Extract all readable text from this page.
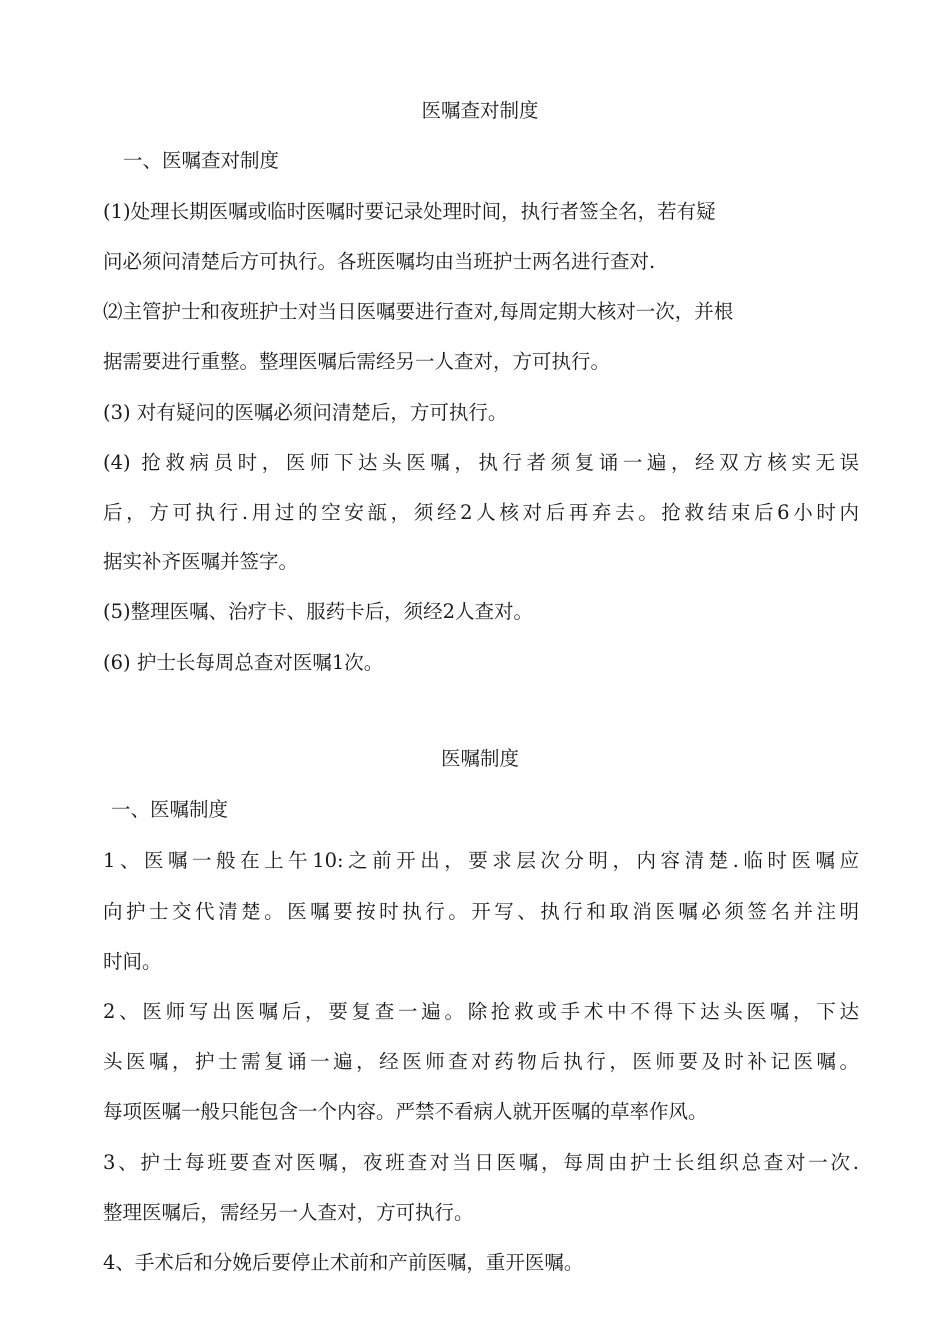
医嘱查对制度
一、医嘱查对制度
(1)处理长期医嘱或临时医嘱时要记录处理时间，执行者签全名，若有疑
问必须问清楚后方可执行。各班医嘱均由当班护士两名进行查对.
⑵主管护士和夜班护士对当日医嘱要进行查对,每周定期大核对一次，并根
据需要进行重整。整理医嘱后需经另一人查对，方可执行。
(3) 对有疑问的医嘱必须问清楚后，方可执行。
(4) 抢救病员时，医师下达头医嘱，执行者须复诵一遍，经双方核实无误
后，方可执行.用过的空安瓿，须经2人核对后再弃去。抢救结束后6小时内
据实补齐医嘱并签字。
(5)整理医嘱、治疗卡、服药卡后，须经2人查对。
(6) 护士长每周总查对医嘱1次。
医嘱制度
一、医嘱制度
1、医嘱一般在上午10:之前开出，要求层次分明，内容清楚.临时医嘱应
向护士交代清楚。医嘱要按时执行。开写、执行和取消医嘱必须签名并注明
时间。
2、医师写出医嘱后，要复查一遍。除抢救或手术中不得下达头医嘱，下达
头医嘱，护士需复诵一遍，经医师查对药物后执行，医师要及时补记医嘱。
每项医嘱一般只能包含一个内容。严禁不看病人就开医嘱的草率作风。
3、护士每班要查对医嘱，夜班查对当日医嘱，每周由护士长组织总查对一次.
整理医嘱后，需经另一人查对，方可执行。
4、手术后和分娩后要停止术前和产前医嘱，重开医嘱。
